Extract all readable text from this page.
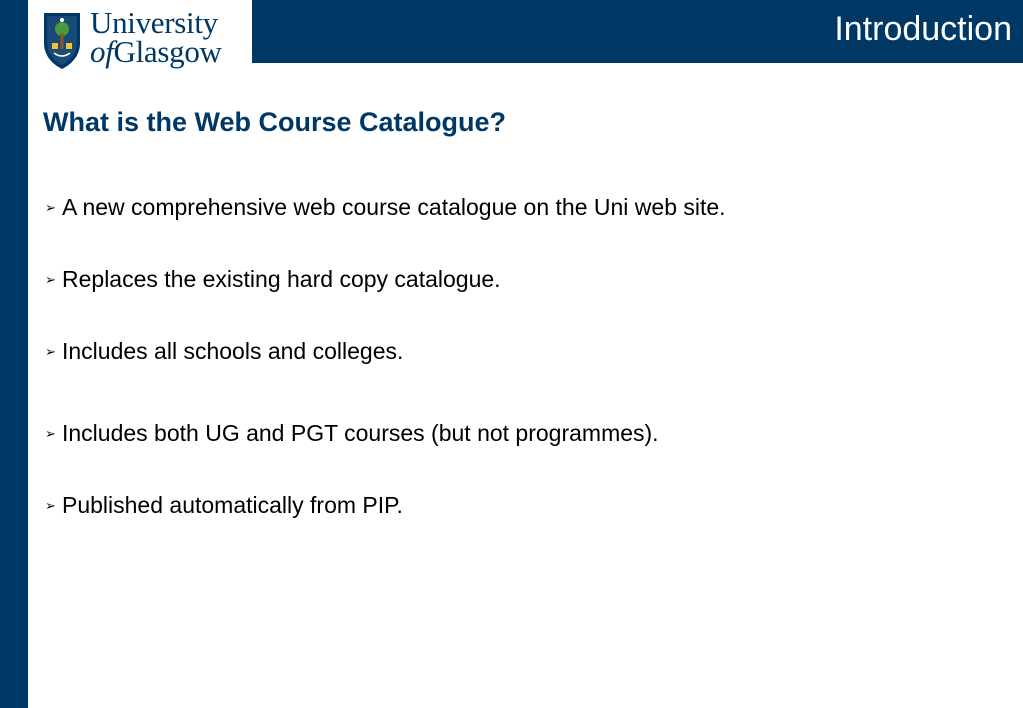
University
ofGlasgow
Introduction
What is the Web Course Catalogue?
➢ A new comprehensive web course catalogue on the Uni web site.
➢ Replaces the existing hard copy catalogue.
➢ Includes all schools and colleges.
➢ Includes both UG and PGT courses (but not programmes).
➢ Published automatically from PIP.
